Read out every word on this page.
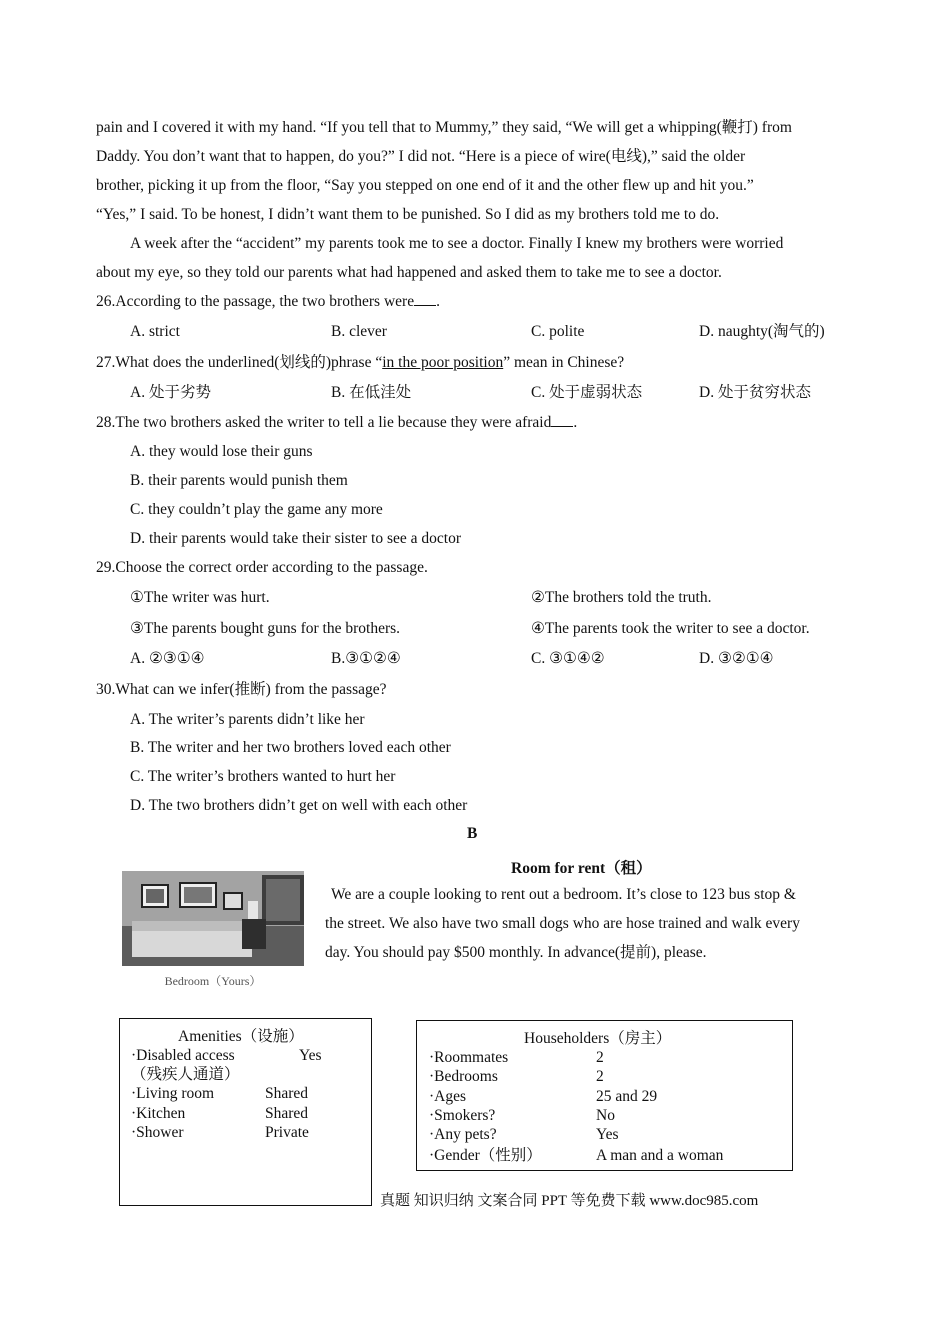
pain and I covered it with my hand. “If you tell that to Mummy,” they said, “We will get a whipping(鞭打) from
Daddy. You don’t want that to happen, do you?” I did not. “Here is a piece of wire(电线),” said the older
brother, picking it up from the floor, “Say you stepped on one end of it and the other flew up and hit you.”
“Yes,” I said. To be honest, I didn’t want them to be punished. So I did as my brothers told me to do.
A week after the “accident” my parents took me to see a doctor. Finally I knew my brothers were worried
about my eye, so they told our parents what had happened and asked them to take me to see a doctor.
26.According to the passage, the two brothers were .
A. strict	B. clever	C. polite	D. naughty(淘气的)
27.What does the underlined(划线的)phrase “in the poor position” mean in Chinese?
A. 处于劣势	B. 在低洼处	C. 处于虚弱状态	D. 处于贫穷状态
28.The two brothers asked the writer to tell a lie because they were afraid .
A. they would lose their guns
B. their parents would punish them
C. they couldn’t play the game any more
D. their parents would take their sister to see a doctor
29.Choose the correct order according to the passage.
①The writer was hurt.	②The brothers told the truth.
③The parents bought guns for the brothers.	④The parents took the writer to see a doctor.
A. ②③①④	B.③①②④	C. ③①④②	D. ③②①④
30.What can we infer(推断) from the passage?
A. The writer’s parents didn’t like her
B. The writer and her two brothers loved each other
C. The writer’s brothers wanted to hurt her
D. The two brothers didn’t get on well with each other
B
Room for rent（租）
Bedroom（Yours）
We are a couple looking to rent out a bedroom. It’s close to 123 bus stop &
the street. We also have two small dogs who are hose trained and walk every
day. You should pay $500 monthly. In advance(提前), please.
Amenities（设施）
·Disabled access	Yes
（残疾人通道）
·Living room	Shared
·Kitchen	Shared
·Shower	Private
Householders（房主）
·Roommates	2
·Bedrooms	2
·Ages	25 and 29
·Smokers?	No
·Any pets?	Yes
·Gender（性别）	A man and a woman
真题 知识归纳 文案合同 PPT 等免费下载 www.doc985.com
